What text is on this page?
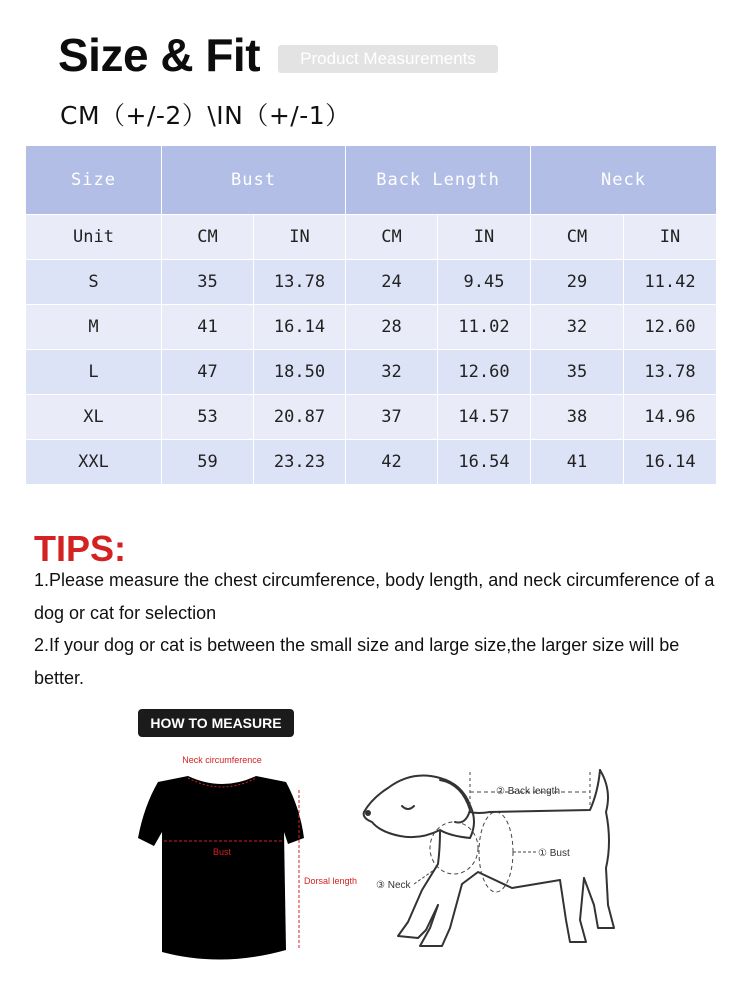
Size & Fit	Product Measurements
CM（+/-2）\IN（+/-1）
Size	Bust		Back Length		Neck	
Unit	CM	IN	CM	IN	CM	IN
S	35	13.78	24	9.45	29	11.42
M	41	16.14	28	11.02	32	12.60
L	47	18.50	32	12.60	35	13.78
XL	53	20.87	37	14.57	38	14.96
XXL	59	23.23	42	16.54	41	16.14
TIPS:
1.Please measure the chest circumference, body length, and neck circumference of a dog or cat for selection
2.If your dog or cat is between the small size and large size,the larger size will be better.
HOW TO MEASURE
Neck circumference
Bust
Dorsal length
② Back length
① Bust
③ Neck
